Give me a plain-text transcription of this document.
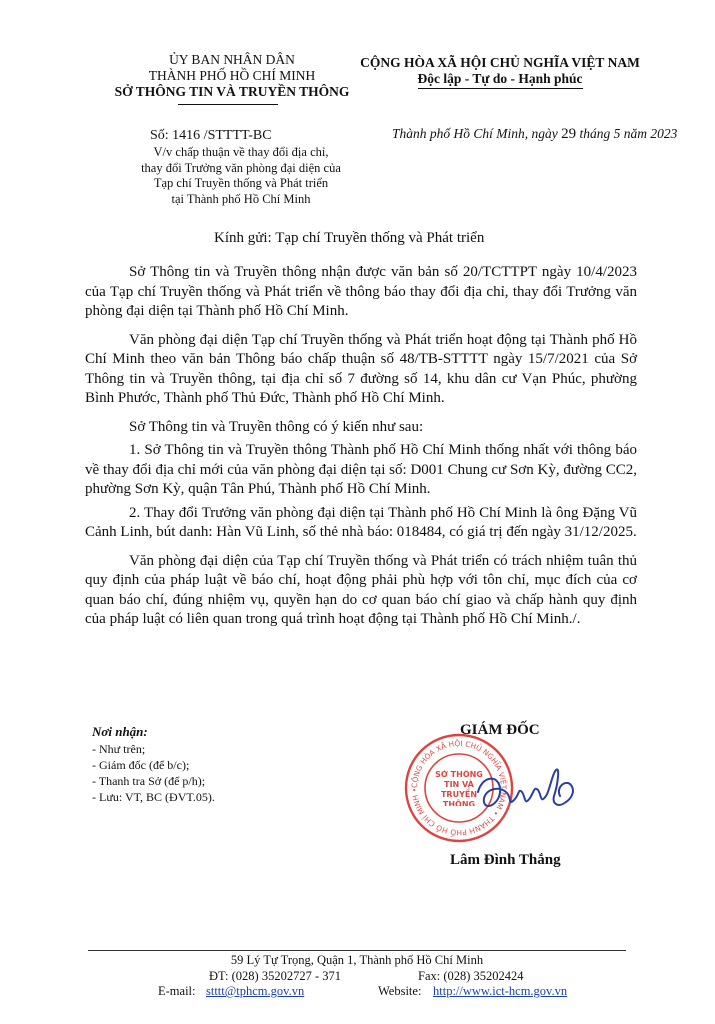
ỦY BAN NHÂN DÂN
THÀNH PHỐ HỒ CHÍ MINH
SỞ THÔNG TIN VÀ TRUYỀN THÔNG
CỘNG HÒA XÃ HỘI CHỦ NGHĨA VIỆT NAM
Độc lập - Tự do - Hạnh phúc
Số: 1416 /STTTT-BC
V/v chấp thuận về thay đổi địa chỉ,
thay đổi Trưởng văn phòng đại diện của
Tạp chí Truyền thống và Phát triển
tại Thành phố Hồ Chí Minh
Thành phố Hồ Chí Minh, ngày 29 tháng 5 năm 2023
Kính gửi: Tạp chí Truyền thống và Phát triển

Sở Thông tin và Truyền thông nhận được văn bản số 20/TCTTPT ngày 10/4/2023 của Tạp chí Truyền thống và Phát triển về thông báo thay đổi địa chỉ, thay đổi Trưởng văn phòng đại diện tại Thành phố Hồ Chí Minh.

Văn phòng đại diện Tạp chí Truyền thống và Phát triển hoạt động tại Thành phố Hồ Chí Minh theo văn bản Thông báo chấp thuận số 48/TB-STTTT ngày 15/7/2021 của Sở Thông tin và Truyền thông, tại địa chỉ số 7 đường số 14, khu dân cư Vạn Phúc, phường Bình Phước, Thành phố Thủ Đức, Thành phố Hồ Chí Minh.

Sở Thông tin và Truyền thông có ý kiến như sau:

1. Sở Thông tin và Truyền thông Thành phố Hồ Chí Minh thống nhất với thông báo về thay đổi địa chỉ mới của văn phòng đại diện tại số: D001 Chung cư Sơn Kỳ, đường CC2, phường Sơn Kỳ, quận Tân Phú, Thành phố Hồ Chí Minh.

2. Thay đổi Trưởng văn phòng đại diện tại Thành phố Hồ Chí Minh là ông Đặng Vũ Cảnh Linh, bút danh: Hàn Vũ Linh, số thẻ nhà báo: 018484, có giá trị đến ngày 31/12/2025.

Văn phòng đại diện của Tạp chí Truyền thống và Phát triển có trách nhiệm tuân thủ quy định của pháp luật về báo chí, hoạt động phải phù hợp với tôn chỉ, mục đích của cơ quan báo chí, đúng nhiệm vụ, quyền hạn do cơ quan báo chí giao và chấp hành quy định của pháp luật có liên quan trong quá trình hoạt động tại Thành phố Hồ Chí Minh./.

Nơi nhận:
- Như trên;
- Giám đốc (để b/c);
- Thanh tra Sở (để p/h);
- Lưu: VT, BC (ĐVT.05).
GIÁM ĐỐC
CỘNG HÒA XÃ HỘI CHỦ NGHĨA VIỆT NAM • THÀNH PHỐ HỒ CHÍ MINH •
SỞ THÔNG TIN VÀ TRUYỀN THÔNG
Lâm Đình Thắng
59 Lý Tự Trọng, Quận 1, Thành phố Hồ Chí Minh
ĐT: (028) 35202727 - 371	Fax: (028) 35202424
E-mail: stttt@tphcm.gov.vn	Website: http://www.ict-hcm.gov.vn
